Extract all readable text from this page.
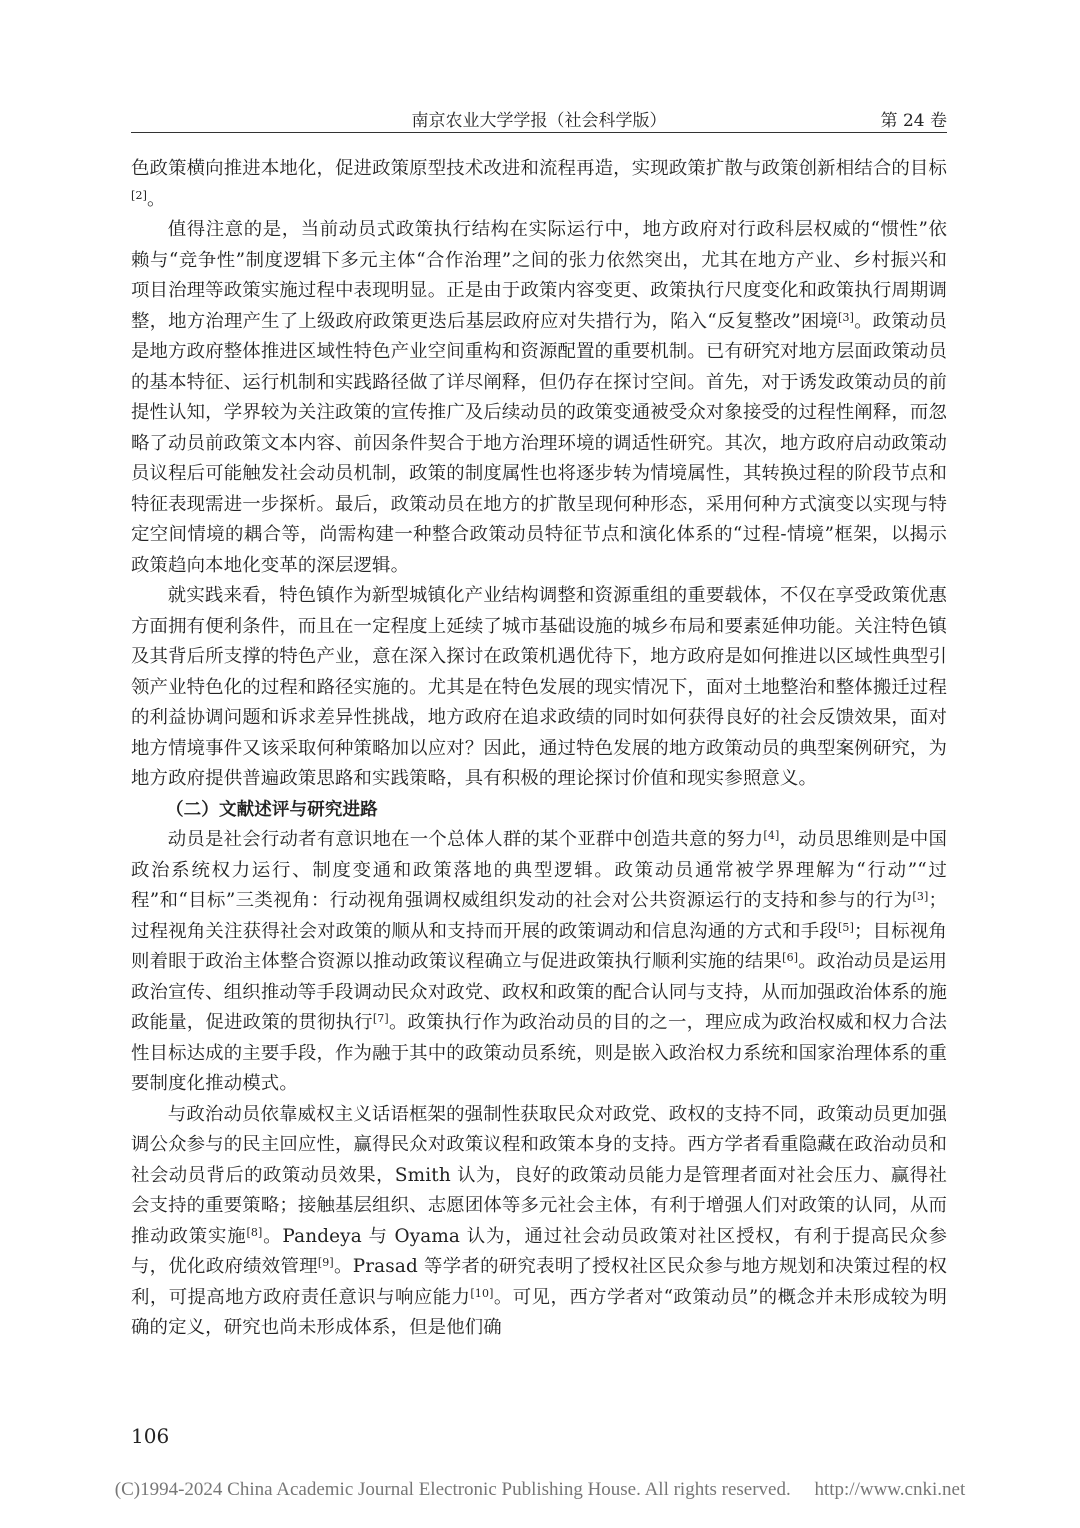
南京农业大学学报（社会科学版）	第 24 卷

色政策横向推进本地化，促进政策原型技术改进和流程再造，实现政策扩散与政策创新相结合的目标[2]。

值得注意的是，当前动员式政策执行结构在实际运行中，地方政府对行政科层权威的“惯性”依赖与“竞争性”制度逻辑下多元主体“合作治理”之间的张力依然突出，尤其在地方产业、乡村振兴和项目治理等政策实施过程中表现明显。正是由于政策内容变更、政策执行尺度变化和政策执行周期调整，地方治理产生了上级政府政策更迭后基层政府应对失措行为，陷入“反复整改”困境[3]。政策动员是地方政府整体推进区域性特色产业空间重构和资源配置的重要机制。已有研究对地方层面政策动员的基本特征、运行机制和实践路径做了详尽阐释，但仍存在探讨空间。首先，对于诱发政策动员的前提性认知，学界较为关注政策的宣传推广及后续动员的政策变通被受众对象接受的过程性阐释，而忽略了动员前政策文本内容、前因条件契合于地方治理环境的调适性研究。其次，地方政府启动政策动员议程后可能触发社会动员机制，政策的制度属性也将逐步转为情境属性，其转换过程的阶段节点和特征表现需进一步探析。最后，政策动员在地方的扩散呈现何种形态，采用何种方式演变以实现与特定空间情境的耦合等，尚需构建一种整合政策动员特征节点和演化体系的“过程-情境”框架，以揭示政策趋向本地化变革的深层逻辑。

就实践来看，特色镇作为新型城镇化产业结构调整和资源重组的重要载体，不仅在享受政策优惠方面拥有便利条件，而且在一定程度上延续了城市基础设施的城乡布局和要素延伸功能。关注特色镇及其背后所支撑的特色产业，意在深入探讨在政策机遇优待下，地方政府是如何推进以区域性典型引领产业特色化的过程和路径实施的。尤其是在特色发展的现实情况下，面对土地整治和整体搬迁过程的利益协调问题和诉求差异性挑战，地方政府在追求政绩的同时如何获得良好的社会反馈效果，面对地方情境事件又该采取何种策略加以应对？因此，通过特色发展的地方政策动员的典型案例研究，为地方政府提供普遍政策思路和实践策略，具有积极的理论探讨价值和现实参照意义。

（二）文献述评与研究进路

动员是社会行动者有意识地在一个总体人群的某个亚群中创造共意的努力[4]，动员思维则是中国政治系统权力运行、制度变通和政策落地的典型逻辑。政策动员通常被学界理解为“行动”“过程”和“目标”三类视角：行动视角强调权威组织发动的社会对公共资源运行的支持和参与的行为[3]；过程视角关注获得社会对政策的顺从和支持而开展的政策调动和信息沟通的方式和手段[5]；目标视角则着眼于政治主体整合资源以推动政策议程确立与促进政策执行顺利实施的结果[6]。政治动员是运用政治宣传、组织推动等手段调动民众对政党、政权和政策的配合认同与支持，从而加强政治体系的施政能量，促进政策的贯彻执行[7]。政策执行作为政治动员的目的之一，理应成为政治权威和权力合法性目标达成的主要手段，作为融于其中的政策动员系统，则是嵌入政治权力系统和国家治理体系的重要制度化推动模式。

与政治动员依靠威权主义话语框架的强制性获取民众对政党、政权的支持不同，政策动员更加强调公众参与的民主回应性，赢得民众对政策议程和政策本身的支持。西方学者看重隐藏在政治动员和社会动员背后的政策动员效果，Smith 认为，良好的政策动员能力是管理者面对社会压力、赢得社会支持的重要策略；接触基层组织、志愿团体等多元社会主体，有利于增强人们对政策的认同，从而推动政策实施[8]。Pandeya 与 Oyama 认为，通过社会动员政策对社区授权，有利于提高民众参与，优化政府绩效管理[9]。Prasad 等学者的研究表明了授权社区民众参与地方规划和决策过程的权利，可提高地方政府责任意识与响应能力[10]。可见，西方学者对“政策动员”的概念并未形成较为明确的定义，研究也尚未形成体系，但是他们确

106
(C)1994-2024 China Academic Journal Electronic Publishing House. All rights reserved.　 http://www.cnki.net
